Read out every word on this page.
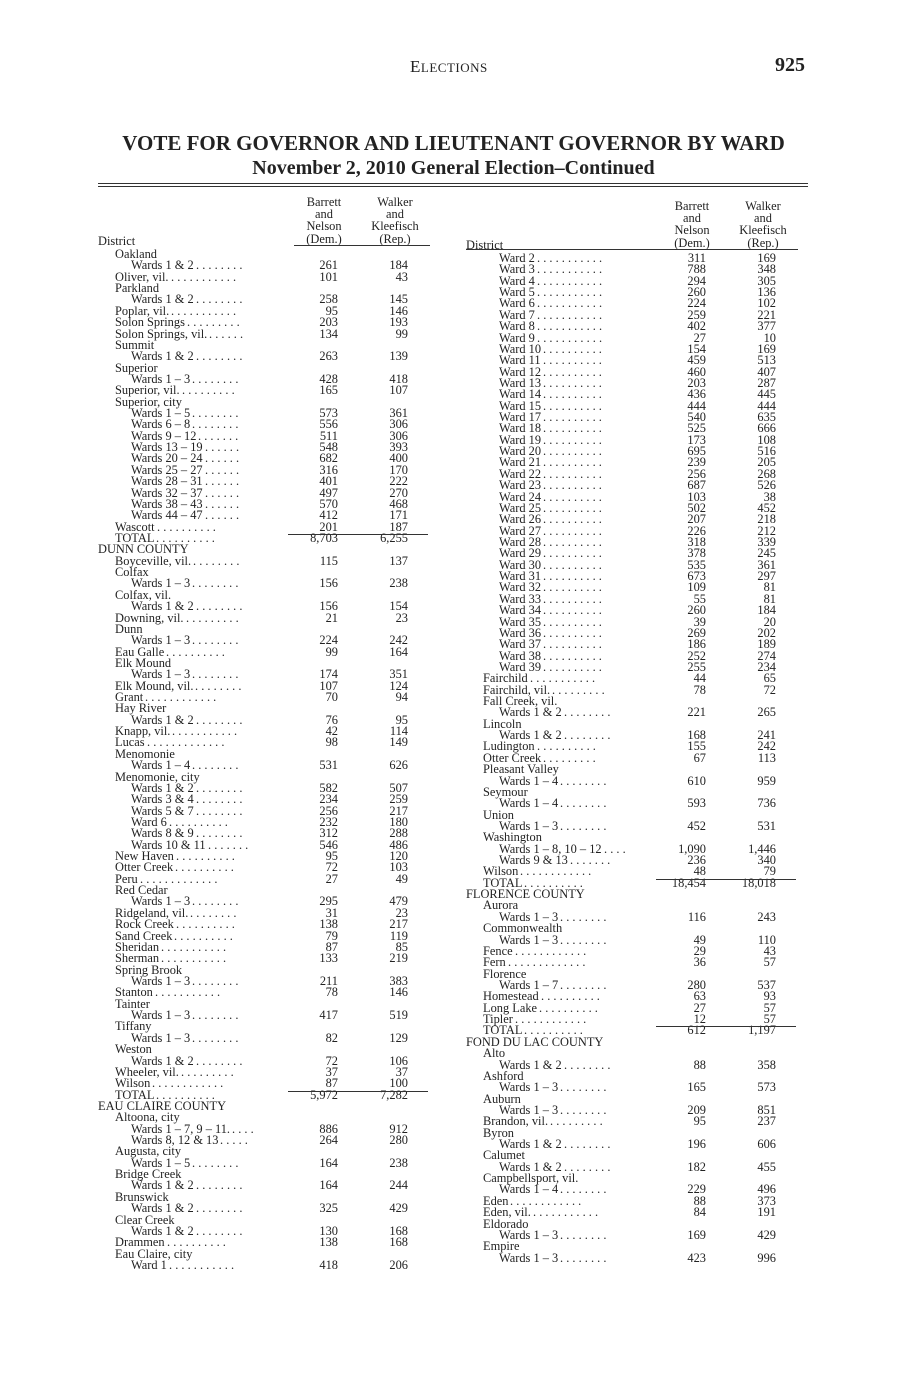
ELECTIONS	925
VOTE FOR GOVERNOR AND LIEUTENANT GOVERNOR BY WARD
November 2, 2010 General Election–Continued
Barrett
and
Nelson
(Dem.)
Walker
and
Kleefisch
(Rep.)
District
Oakland
Wards 1 & 2 . . . . . . . .	261	184
Oliver, vil. . . . . . . . . . . .	101	43
Parkland
Wards 1 & 2 . . . . . . . .	258	145
Poplar, vil. . . . . . . . . . . .	95	146
Solon Springs . . . . . . . . .	203	193
Solon Springs, vil. . . . . . .	134	99
Summit
Wards 1 & 2 . . . . . . . .	263	139
Superior
Wards 1 – 3 . . . . . . . .	428	418
Superior, vil. . . . . . . . . .	165	107
Superior, city
Wards 1 – 5 . . . . . . . .	573	361
Wards 6 – 8 . . . . . . . .	556	306
Wards 9 – 12 . . . . . . .	511	306
Wards 13 – 19 . . . . . .	548	393
Wards 20 – 24 . . . . . .	682	400
Wards 25 – 27 . . . . . .	316	170
Wards 28 – 31 . . . . . .	401	222
Wards 32 – 37 . . . . . .	497	270
Wards 38 – 43 . . . . . .	570	468
Wards 44 – 47 . . . . . .	412	171
Wascott . . . . . . . . . .	201	187
TOTAL . . . . . . . . . .	8,703	6,255
DUNN COUNTY
Boyceville, vil. . . . . . . . .	115	137
Colfax
Wards 1 – 3 . . . . . . . .	156	238
Colfax, vil.
Wards 1 & 2 . . . . . . . .	156	154
Downing, vil. . . . . . . . . .	21	23
Dunn
Wards 1 – 3 . . . . . . . .	224	242
Eau Galle . . . . . . . . . .	99	164
Elk Mound
Wards 1 – 3 . . . . . . . .	174	351
Elk Mound, vil. . . . . . . . .	107	124
Grant . . . . . . . . . . . .	70	94
Hay River
Wards 1 & 2 . . . . . . . .	76	95
Knapp, vil. . . . . . . . . . . .	42	114
Lucas . . . . . . . . . . . . .	98	149
Menomonie
Wards 1 – 4 . . . . . . . .	531	626
Menomonie, city
Wards 1 & 2 . . . . . . . .	582	507
Wards 3 & 4 . . . . . . . .	234	259
Wards 5 & 7 . . . . . . . .	256	217
Ward 6 . . . . . . . . . .	232	180
Wards 8 & 9 . . . . . . . .	312	288
Wards 10 & 11 . . . . . . .	546	486
New Haven . . . . . . . . . .	95	120
Otter Creek . . . . . . . . . .	72	103
Peru . . . . . . . . . . . . .	27	49
Red Cedar
Wards 1 – 3 . . . . . . . .	295	479
Ridgeland, vil. . . . . . . . .	31	23
Rock Creek . . . . . . . . . .	138	217
Sand Creek . . . . . . . . . .	79	119
Sheridan . . . . . . . . . . .	87	85
Sherman . . . . . . . . . . .	133	219
Spring Brook
Wards 1 – 3 . . . . . . . .	211	383
Stanton . . . . . . . . . . .	78	146
Tainter
Wards 1 – 3 . . . . . . . .	417	519
Tiffany
Wards 1 – 3 . . . . . . . .	82	129
Weston
Wards 1 & 2 . . . . . . . .	72	106
Wheeler, vil. . . . . . . . . .	37	37
Wilson . . . . . . . . . . . .	87	100
TOTAL . . . . . . . . . .	5,972	7,282
EAU CLAIRE COUNTY
Altoona, city
Wards 1 – 7, 9 – 11. . . . .	886	912
Wards 8, 12 & 13 . . . . .	264	280
Augusta, city
Wards 1 – 5 . . . . . . . .	164	238
Bridge Creek
Wards 1 & 2 . . . . . . . .	164	244
Brunswick
Wards 1 & 2 . . . . . . . .	325	429
Clear Creek
Wards 1 & 2 . . . . . . . .	130	168
Drammen . . . . . . . . . .	138	168
Eau Claire, city
Ward 1 . . . . . . . . . . .	418	206
Barrett
and
Nelson
(Dem.)
Walker
and
Kleefisch
(Rep.)
District
Ward 2 . . . . . . . . . . .	311	169
Ward 3 . . . . . . . . . . .	788	348
Ward 4 . . . . . . . . . . .	294	305
Ward 5 . . . . . . . . . . .	260	136
Ward 6 . . . . . . . . . . .	224	102
Ward 7 . . . . . . . . . . .	259	221
Ward 8 . . . . . . . . . . .	402	377
Ward 9 . . . . . . . . . . .	27	10
Ward 10 . . . . . . . . . .	154	169
Ward 11 . . . . . . . . . .	459	513
Ward 12 . . . . . . . . . .	460	407
Ward 13 . . . . . . . . . .	203	287
Ward 14 . . . . . . . . . .	436	445
Ward 15 . . . . . . . . . .	444	444
Ward 17 . . . . . . . . . .	540	635
Ward 18 . . . . . . . . . .	525	666
Ward 19 . . . . . . . . . .	173	108
Ward 20 . . . . . . . . . .	695	516
Ward 21 . . . . . . . . . .	239	205
Ward 22 . . . . . . . . . .	256	268
Ward 23 . . . . . . . . . .	687	526
Ward 24 . . . . . . . . . .	103	38
Ward 25 . . . . . . . . . .	502	452
Ward 26 . . . . . . . . . .	207	218
Ward 27 . . . . . . . . . .	226	212
Ward 28 . . . . . . . . . .	318	339
Ward 29 . . . . . . . . . .	378	245
Ward 30 . . . . . . . . . .	535	361
Ward 31 . . . . . . . . . .	673	297
Ward 32 . . . . . . . . . .	109	81
Ward 33 . . . . . . . . . .	55	81
Ward 34 . . . . . . . . . .	260	184
Ward 35 . . . . . . . . . .	39	20
Ward 36 . . . . . . . . . .	269	202
Ward 37 . . . . . . . . . .	186	189
Ward 38 . . . . . . . . . .	252	274
Ward 39 . . . . . . . . . .	255	234
Fairchild . . . . . . . . . . .	44	65
Fairchild, vil. . . . . . . . . .	78	72
Fall Creek, vil.
Wards 1 & 2 . . . . . . . .	221	265
Lincoln
Wards 1 & 2 . . . . . . . .	168	241
Ludington . . . . . . . . . .	155	242
Otter Creek . . . . . . . . .	67	113
Pleasant Valley
Wards 1 – 4 . . . . . . . .	610	959
Seymour
Wards 1 – 4 . . . . . . . .	593	736
Union
Wards 1 – 3 . . . . . . . .	452	531
Washington
Wards 1 – 8, 10 – 12 . . . .	1,090	1,446
Wards 9 & 13 . . . . . . .	236	340
Wilson . . . . . . . . . . . .	48	79
TOTAL . . . . . . . . . .	18,454	18,018
FLORENCE COUNTY
Aurora
Wards 1 – 3 . . . . . . . .	116	243
Commonwealth
Wards 1 – 3 . . . . . . . .	49	110
Fence . . . . . . . . . . . .	29	43
Fern . . . . . . . . . . . . .	36	57
Florence
Wards 1 – 7 . . . . . . . .	280	537
Homestead . . . . . . . . . .	63	93
Long Lake . . . . . . . . . .	27	57
Tipler . . . . . . . . . . . .	12	57
TOTAL . . . . . . . . . .	612	1,197
FOND DU LAC COUNTY
Alto
Wards 1 & 2 . . . . . . . .	88	358
Ashford
Wards 1 – 3 . . . . . . . .	165	573
Auburn
Wards 1 – 3 . . . . . . . .	209	851
Brandon, vil. . . . . . . . . .	95	237
Byron
Wards 1 & 2 . . . . . . . .	196	606
Calumet
Wards 1 & 2 . . . . . . . .	182	455
Campbellsport, vil.
Wards 1 – 4 . . . . . . . .	229	496
Eden . . . . . . . . . . . .	88	373
Eden, vil. . . . . . . . . . . .	84	191
Eldorado
Wards 1 – 3 . . . . . . . .	169	429
Empire
Wards 1 – 3 . . . . . . . .	423	996
